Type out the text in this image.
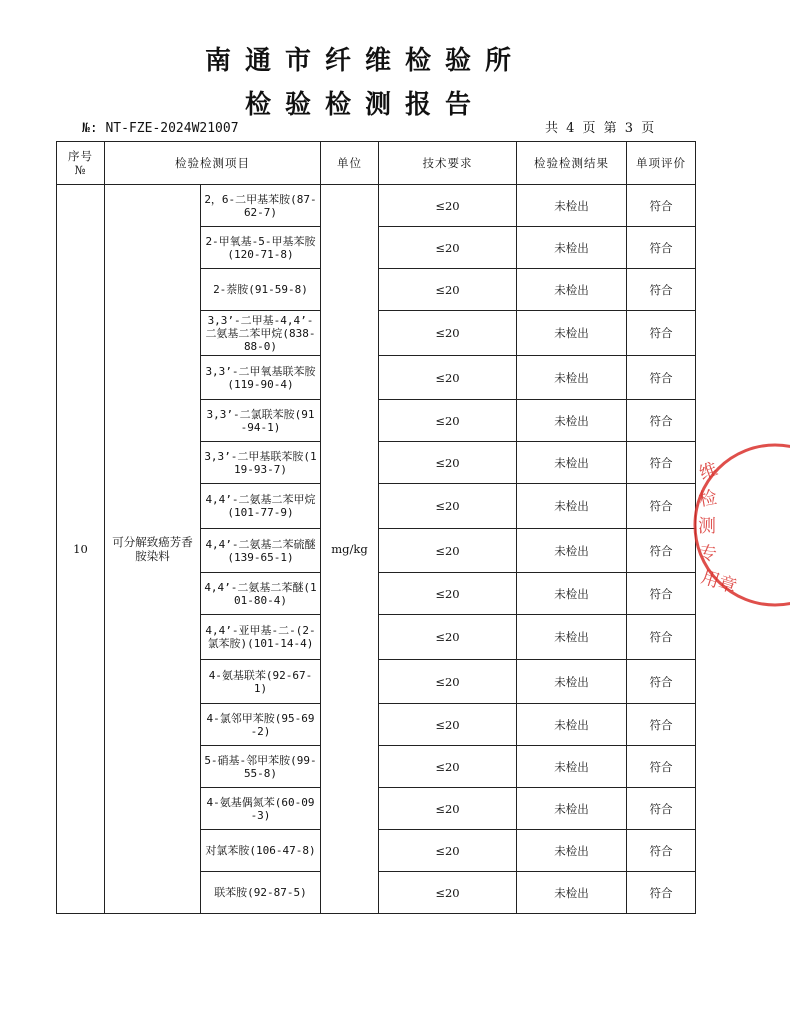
南通市纤维检验所
检验检测报告
№: NT-FZE-2024W21007	共 4 页 第 3 页
序号
№	检验检测项目		单位	技术要求	检验检测结果	单项评价
10	可分解致癌芳香胺染料	2，6-二甲基苯胺(87-62-7)	mg/kg	≤20	未检出	符合
		2-甲氧基-5-甲基苯胺(120-71-8)		≤20	未检出	符合
		2-萘胺(91-59-8)		≤20	未检出	符合
		3,3’-二甲基-4,4’-二氨基二苯甲烷(838-88-0)		≤20	未检出	符合
		3,3’-二甲氧基联苯胺(119-90-4)		≤20	未检出	符合
		3,3’-二氯联苯胺(91-94-1)		≤20	未检出	符合
		3,3’-二甲基联苯胺(119-93-7)		≤20	未检出	符合
		4,4’-二氨基二苯甲烷(101-77-9)		≤20	未检出	符合
		4,4’-二氨基二苯硫醚(139-65-1)		≤20	未检出	符合
		4,4’-二氨基二苯醚(101-80-4)		≤20	未检出	符合
		4,4’-亚甲基-二-(2-氯苯胺)(101-14-4)		≤20	未检出	符合
		4-氨基联苯(92-67-1)		≤20	未检出	符合
		4-氯邻甲苯胺(95-69-2)		≤20	未检出	符合
		5-硝基-邻甲苯胺(99-55-8)		≤20	未检出	符合
		4-氨基偶氮苯(60-09-3)		≤20	未检出	符合
		对氯苯胺(106-47-8)		≤20	未检出	符合
		联苯胺(92-87-5)		≤20	未检出	符合
维
检
测
专
用章
